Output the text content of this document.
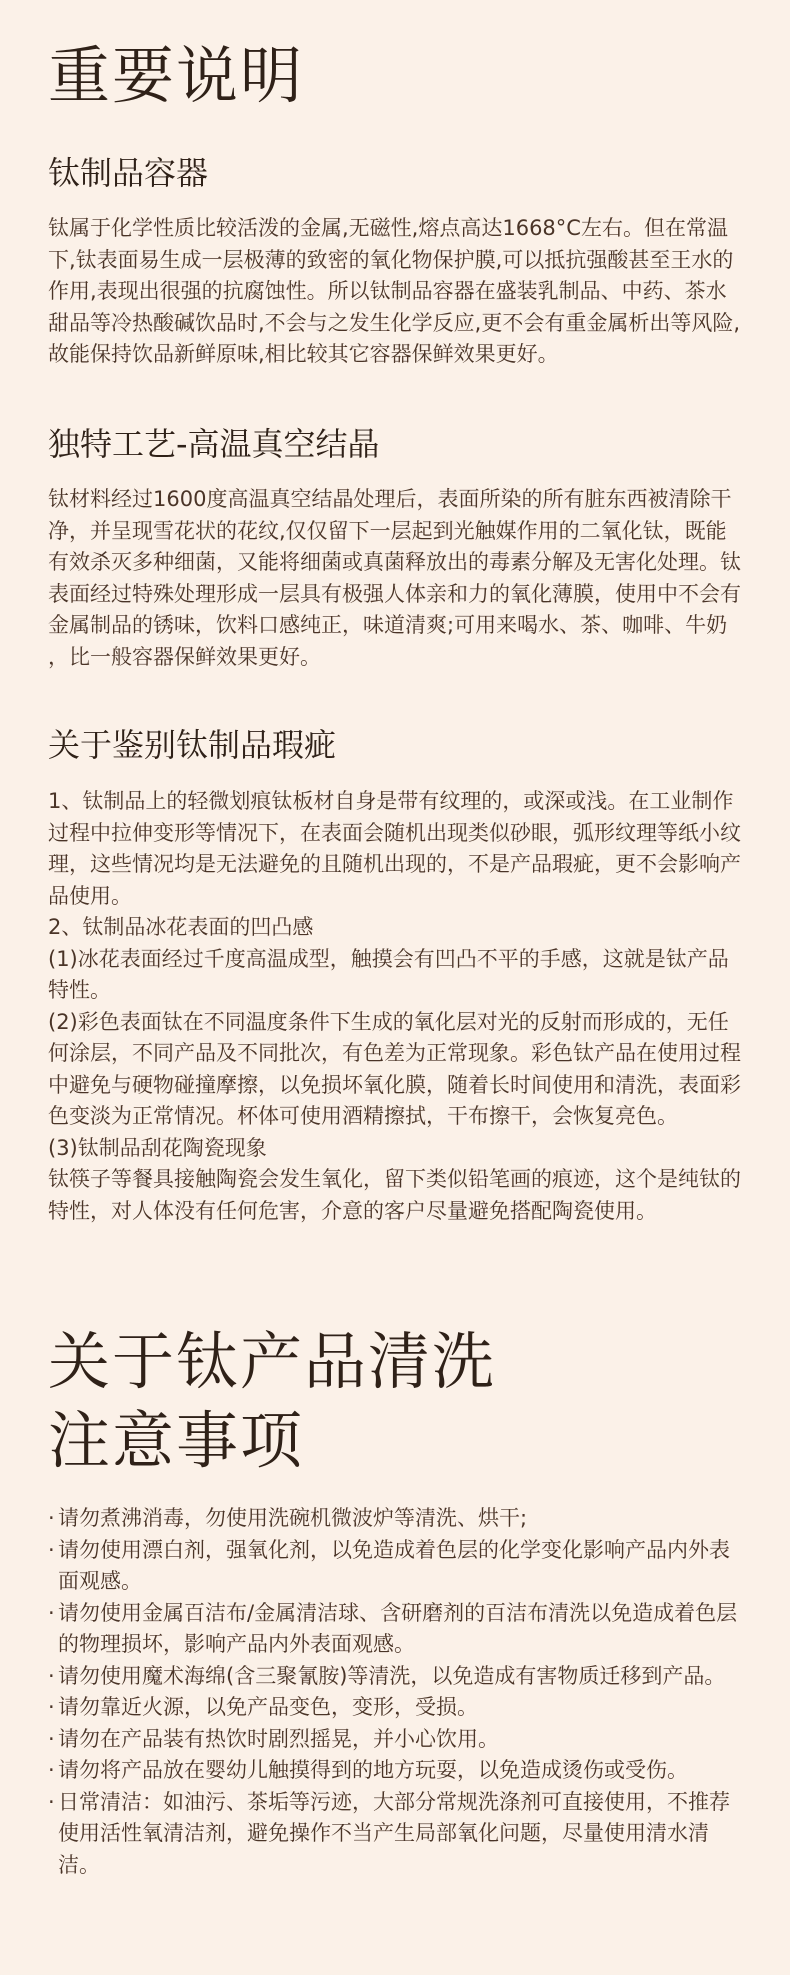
重要说明
钛制品容器

钛属于化学性质比较活泼的金属,无磁性,熔点高达1668°C左右。但在常温下,钛表面易生成一层极薄的致密的氧化物保护膜,可以抵抗强酸甚至王水的作用,表现出很强的抗腐蚀性。所以钛制品容器在盛装乳制品、中药、茶水甜品等冷热酸碱饮品时,不会与之发生化学反应,更不会有重金属析出等风险,故能保持饮品新鲜原味,相比较其它容器保鲜效果更好。

独特工艺-高温真空结晶

钛材料经过1600度高温真空结晶处理后，表面所染的所有脏东西被清除干净，并呈现雪花状的花纹,仅仅留下一层起到光触媒作用的二氧化钛，既能有效杀灭多种细菌，又能将细菌或真菌释放出的毒素分解及无害化处理。钛表面经过特殊处理形成一层具有极强人体亲和力的氧化薄膜，使用中不会有金属制品的锈味，饮料口感纯正，味道清爽;可用来喝水、茶、咖啡、牛奶 ，比一般容器保鲜效果更好。

关于鉴别钛制品瑕疵

1、钛制品上的轻微划痕钛板材自身是带有纹理的，或深或浅。在工业制作过程中拉伸变形等情况下，在表面会随机出现类似砂眼，弧形纹理等纸小纹理，这些情况均是无法避免的且随机出现的，不是产品瑕疵，更不会影响产品使用。

2、钛制品冰花表面的凹凸感

(1)冰花表面经过千度高温成型，触摸会有凹凸不平的手感，这就是钛产品特性。

(2)彩色表面钛在不同温度条件下生成的氧化层对光的反射而形成的，无任何涂层，不同产品及不同批次，有色差为正常现象。彩色钛产品在使用过程中避免与硬物碰撞摩擦，以免损坏氧化膜，随着长时间使用和清洗，表面彩色变淡为正常情况。杯体可使用酒精擦拭，干布擦干，会恢复亮色。

(3)钛制品刮花陶瓷现象

钛筷子等餐具接触陶瓷会发生氧化，留下类似铅笔画的痕迹，这个是纯钛的特性，对人体没有任何危害，介意的客户尽量避免搭配陶瓷使用。

关于钛产品清洗
注意事项
· 请勿煮沸消毒，勿使用洗碗机微波炉等清洗、烘干;
· 请勿使用漂白剂，强氧化剂，以免造成着色层的化学变化影响产品内外表面观感。
· 请勿使用金属百洁布/金属清洁球、含研磨剂的百洁布清洗以免造成着色层的物理损坏，影响产品内外表面观感。
· 请勿使用魔术海绵(含三聚氰胺)等清洗，以免造成有害物质迁移到产品。
· 请勿靠近火源，以免产品变色，变形，受损。
· 请勿在产品装有热饮时剧烈摇晃，并小心饮用。
· 请勿将产品放在婴幼儿触摸得到的地方玩耍，以免造成烫伤或受伤。
· 日常清洁：如油污、茶垢等污迹，大部分常规洗涤剂可直接使用，不推荐使用活性氧清洁剂，避免操作不当产生局部氧化问题，尽量使用清水清洁。
